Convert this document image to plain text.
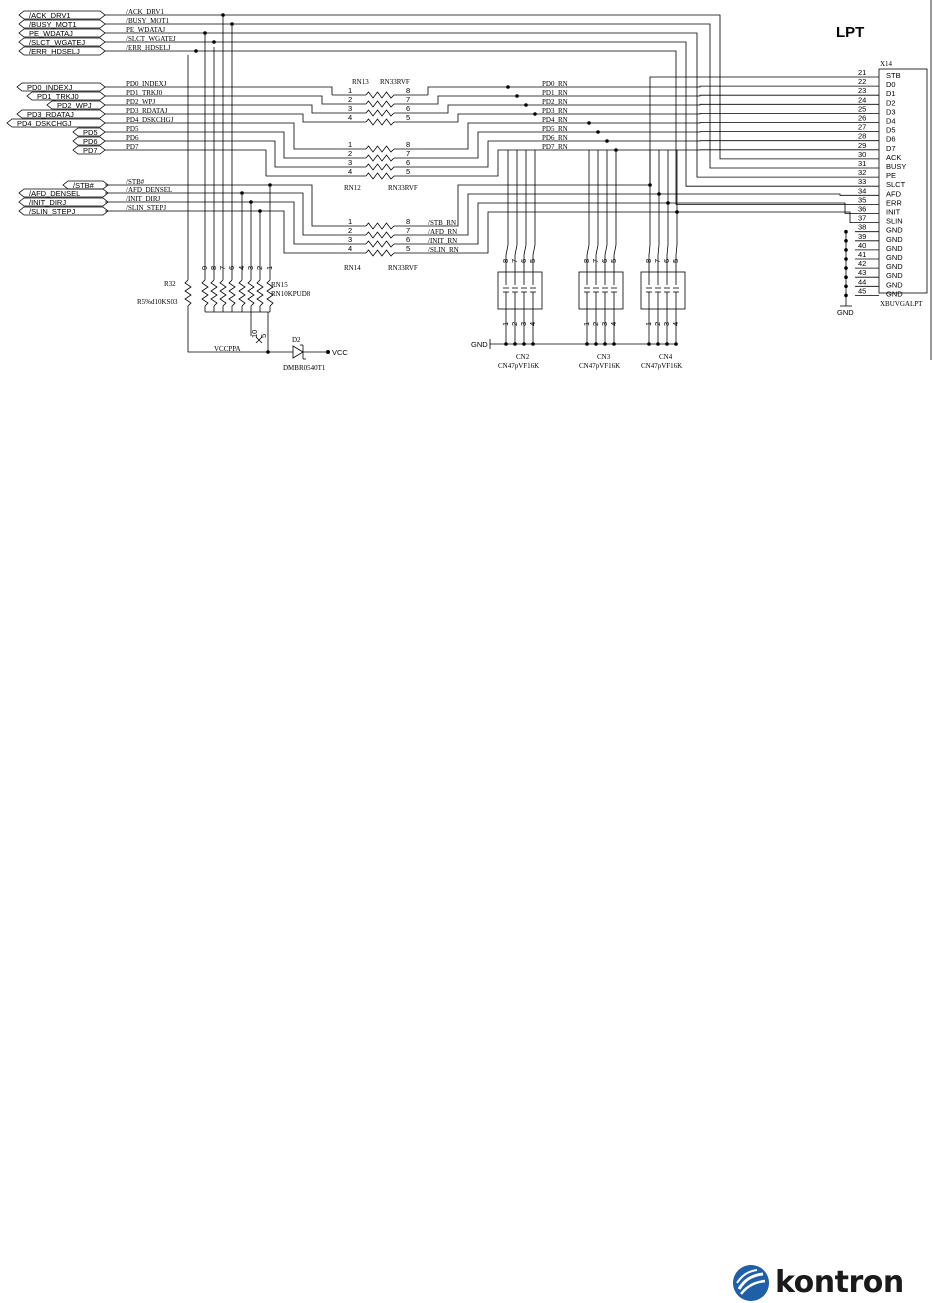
LPT
X14
XBUVGALPT
21	STB
22	D0
23	D1
24	D2
25	D3
26	D4
27	D5
28	D6
29	D7
30	ACK
31	BUSY
32	PE
33	SLCT
34	AFD
35	ERR
36	INIT
37	SLIN
38	GND
39	GND
40	GND
41	GND
42	GND
43	GND
44	GND
45	GND
/ACK_DRV1
/BUSY_MOT1
PE_WDATAJ
/SLCT_WGATEJ
/ERR_HDSELJ
PD0_INDEXJ
PD1_TRKJ0
PD2_WPJ
PD3_RDATAJ
PD4_DSKCHGJ
PD5
PD6
PD7
/STB#
/AFD_DENSEL
/INIT_DIRJ
/SLIN_STEPJ
/ACK_DRV1
/BUSY_MOT1
PE_WDATAJ
/SLCT_WGATEJ
/ERR_HDSELJ
PD0_INDEXJ
PD1_TRKJ0
PD2_WPJ
PD3_RDATAJ
PD4_DSKCHGJ
PD5
PD6
PD7
/STB#
/AFD_DENSEL
/INIT_DIRJ
/SLIN_STEPJ
PD0_RN
PD1_RN
PD2_RN
PD3_RN
PD4_RN
PD5_RN
PD6_RN
PD7_RN
/STB_RN
/AFD_RN
/INIT_RN
/SLIN_RN
1	8
2	7
3	6
4	5
1	8
2	7
3	6
4	5
1	8
2	7
3	6
4	5
RN13 RN33RVF
RN12	RN33RVF
RN14	RN33RVF
9 8 7 6 4 3 2 1
10 5
R32
R5%d10KS03
RN15
RN10KPUD8
VCCPPA
D2
DMBR0540T1
VCC
8
1
7
2
6
3
5
4
CN2
CN47pVF16K
8
1
7
2
6
3
5
4
CN3
CN47pVF16K
8
1
7
2
6
3
5
4
CN4
CN47pVF16K
GND
GND
kontron
